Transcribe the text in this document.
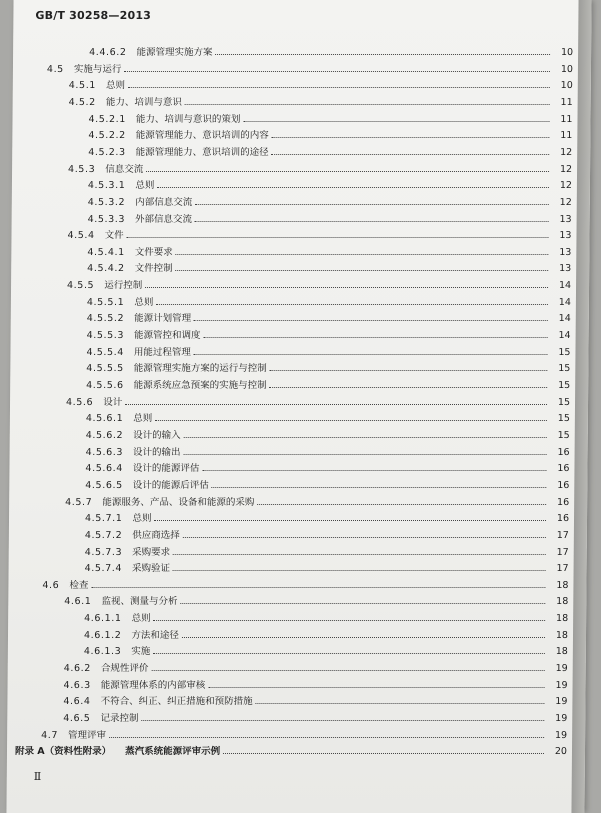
GB/T 30258—2013
4.4.6.2 能源管理实施方案	10
4.5 实施与运行	10
4.5.1 总则	10
4.5.2 能力、培训与意识	11
4.5.2.1 能力、培训与意识的策划	11
4.5.2.2 能源管理能力、意识培训的内容	11
4.5.2.3 能源管理能力、意识培训的途径	12
4.5.3 信息交流	12
4.5.3.1 总则	12
4.5.3.2 内部信息交流	12
4.5.3.3 外部信息交流	13
4.5.4 文件	13
4.5.4.1 文件要求	13
4.5.4.2 文件控制	13
4.5.5 运行控制	14
4.5.5.1 总则	14
4.5.5.2 能源计划管理	14
4.5.5.3 能源管控和调度	14
4.5.5.4 用能过程管理	15
4.5.5.5 能源管理实施方案的运行与控制	15
4.5.5.6 能源系统应急预案的实施与控制	15
4.5.6 设计	15
4.5.6.1 总则	15
4.5.6.2 设计的输入	15
4.5.6.3 设计的输出	16
4.5.6.4 设计的能源评估	16
4.5.6.5 设计的能源后评估	16
4.5.7 能源服务、产品、设备和能源的采购	16
4.5.7.1 总则	16
4.5.7.2 供应商选择	17
4.5.7.3 采购要求	17
4.5.7.4 采购验证	17
4.6 检查	18
4.6.1 监视、测量与分析	18
4.6.1.1 总则	18
4.6.1.2 方法和途径	18
4.6.1.3 实施	18
4.6.2 合规性评价	19
4.6.3 能源管理体系的内部审核	19
4.6.4 不符合、纠正、纠正措施和预防措施	19
4.6.5 记录控制	19
4.7 管理评审	19
附录 A（资料性附录） 蒸汽系统能源评审示例	20
Ⅱ
